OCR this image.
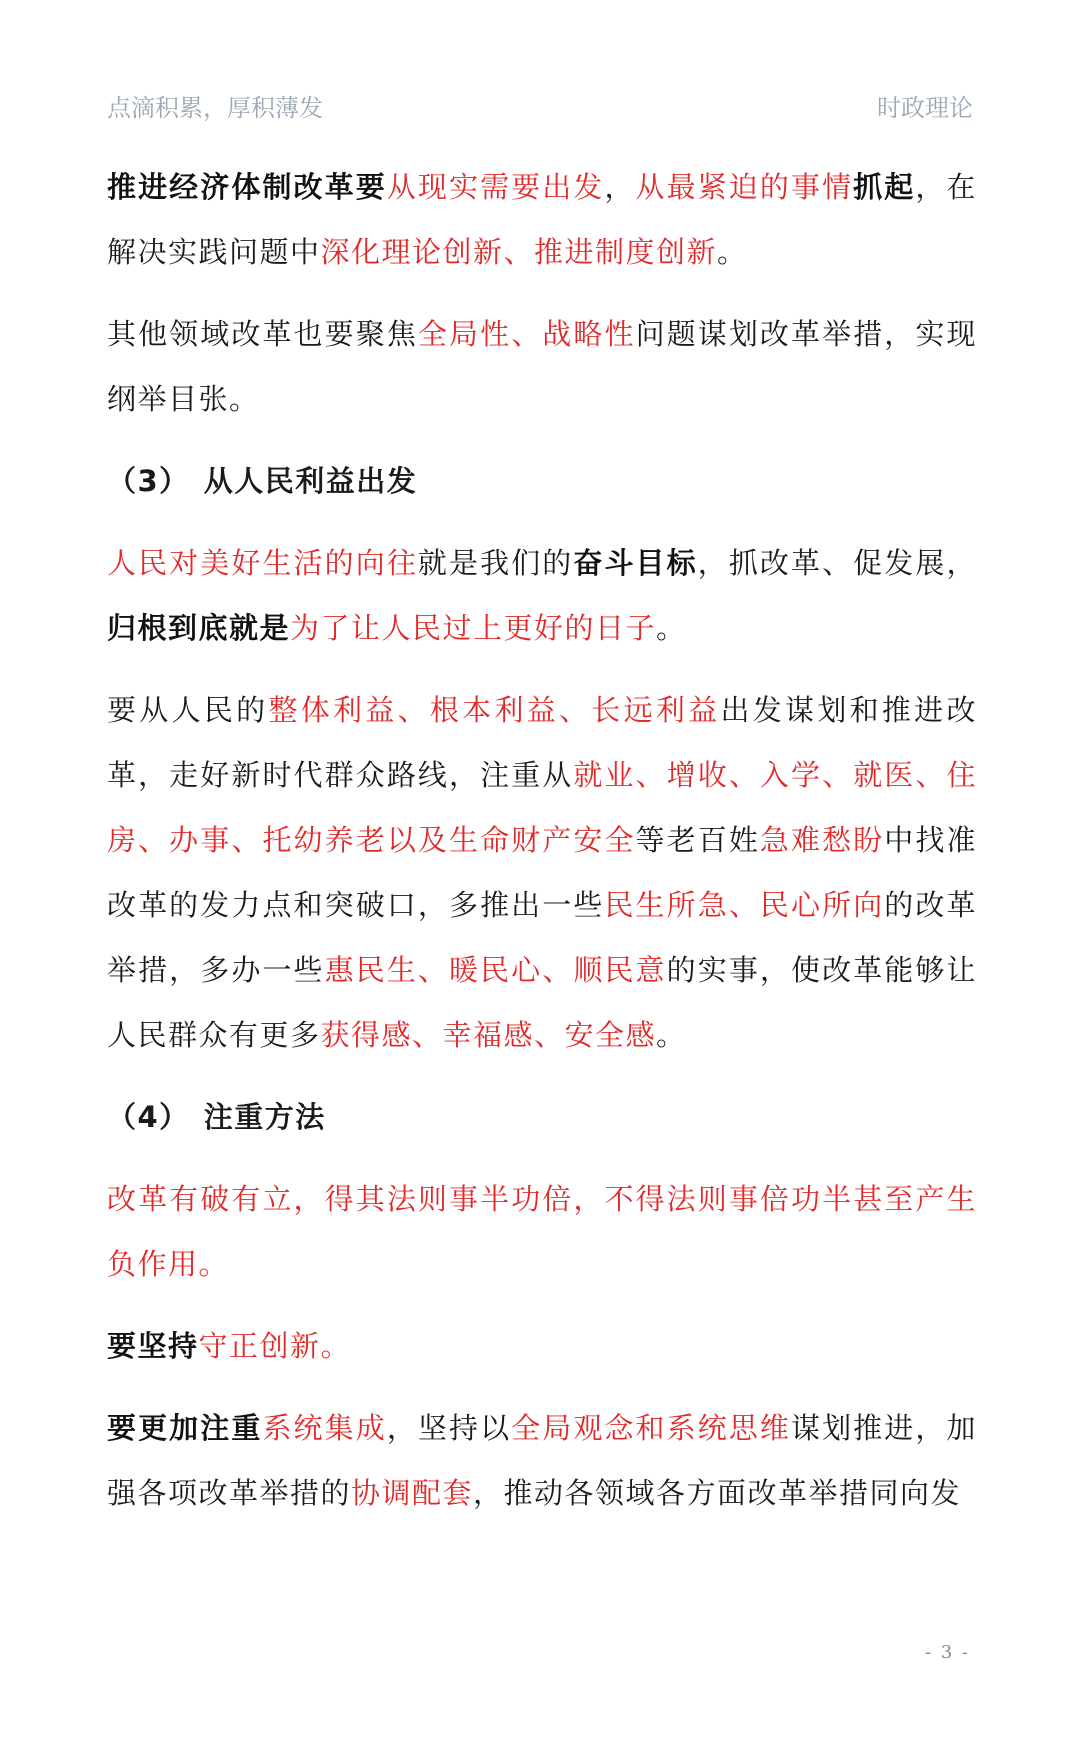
点滴积累，厚积薄发	时政理论

推进经济体制改革要从现实需要出发，从最紧迫的事情抓起，在解决实践问题中深化理论创新、推进制度创新。

其他领域改革也要聚焦全局性、战略性问题谋划改革举措，实现纲举目张。

（3） 从人民利益出发

人民对美好生活的向往就是我们的奋斗目标，抓改革、促发展，归根到底就是为了让人民过上更好的日子。

要从人民的整体利益、根本利益、长远利益出发谋划和推进改革，走好新时代群众路线，注重从就业、增收、入学、就医、住房、办事、托幼养老以及生命财产安全等老百姓急难愁盼中找准改革的发力点和突破口，多推出一些民生所急、民心所向的改革举措，多办一些惠民生、暖民心、顺民意的实事，使改革能够让人民群众有更多获得感、幸福感、安全感。

（4） 注重方法

改革有破有立，得其法则事半功倍，不得法则事倍功半甚至产生负作用。

要坚持守正创新。

要更加注重系统集成，坚持以全局观念和系统思维谋划推进，加强各项改革举措的协调配套，推动各领域各方面改革举措同向发

- 3 -
